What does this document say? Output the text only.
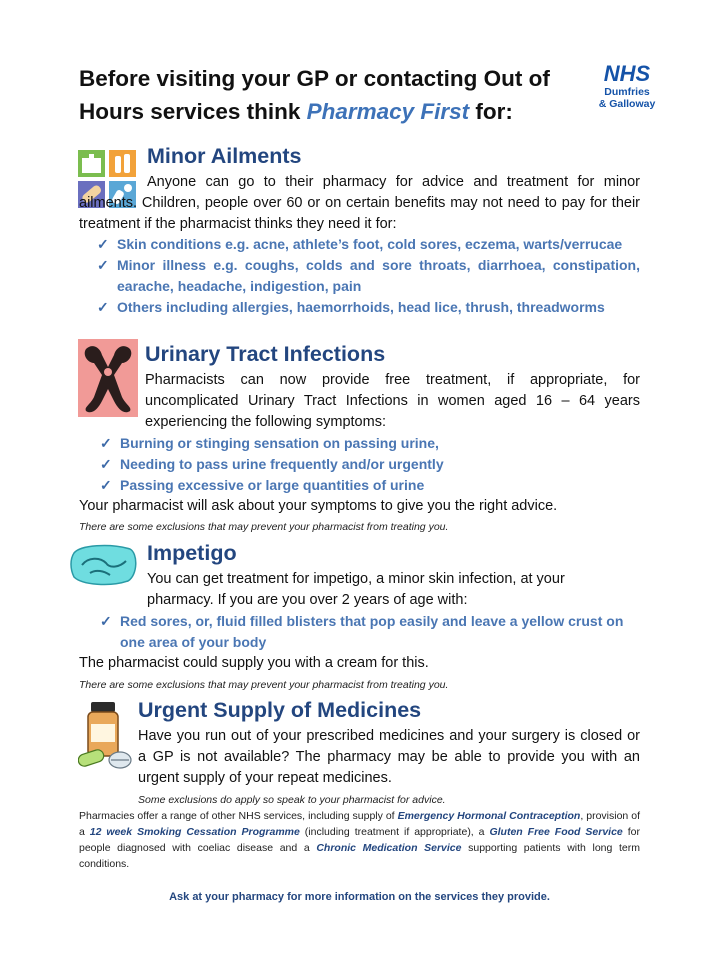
Before visiting your GP or contacting Out of
Hours services think Pharmacy First for:
NHS
Dumfries
& Galloway
Minor Ailments
Anyone can go to their pharmacy for advice and treatment for minor ailments. Children, people over 60 or on certain benefits may not need to pay for their treatment if the pharmacist thinks they need it for:
✓ Skin conditions e.g. acne, athlete’s foot, cold sores, eczema, warts/verrucae
✓ Minor illness e.g. coughs, colds and sore throats, diarrhoea, constipation, earache, headache, indigestion, pain
✓ Others including allergies, haemorrhoids, head lice, thrush, threadworms
Urinary Tract Infections
Pharmacists can now provide free treatment, if appropriate, for uncomplicated Urinary Tract Infections in women aged 16 – 64 years experiencing the following symptoms:
✓ Burning or stinging sensation on passing urine,
✓ Needing to pass urine frequently and/or urgently
✓ Passing excessive or large quantities of urine
Your pharmacist will ask about your symptoms to give you the right advice.
There are some exclusions that may prevent your pharmacist from treating you.
Impetigo
You can get treatment for impetigo, a minor skin infection, at your pharmacy. If you are you over 2 years of age with:
✓ Red sores, or, fluid filled blisters that pop easily and leave a yellow crust on one area of your body
The pharmacist could supply you with a cream for this.
There are some exclusions that may prevent your pharmacist from treating you.
Urgent Supply of Medicines
Have you run out of your prescribed medicines and your surgery is closed or a GP is not available? The pharmacy may be able to provide you with an urgent supply of your repeat medicines.
Some exclusions do apply so speak to your pharmacist for advice.
Pharmacies offer a range of other NHS services, including supply of Emergency Hormonal Contraception, provision of a 12 week Smoking Cessation Programme (including treatment if appropriate), a Gluten Free Food Service for people diagnosed with coeliac disease and a Chronic Medication Service supporting patients with long term conditions.
Ask at your pharmacy for more information on the services they provide.
